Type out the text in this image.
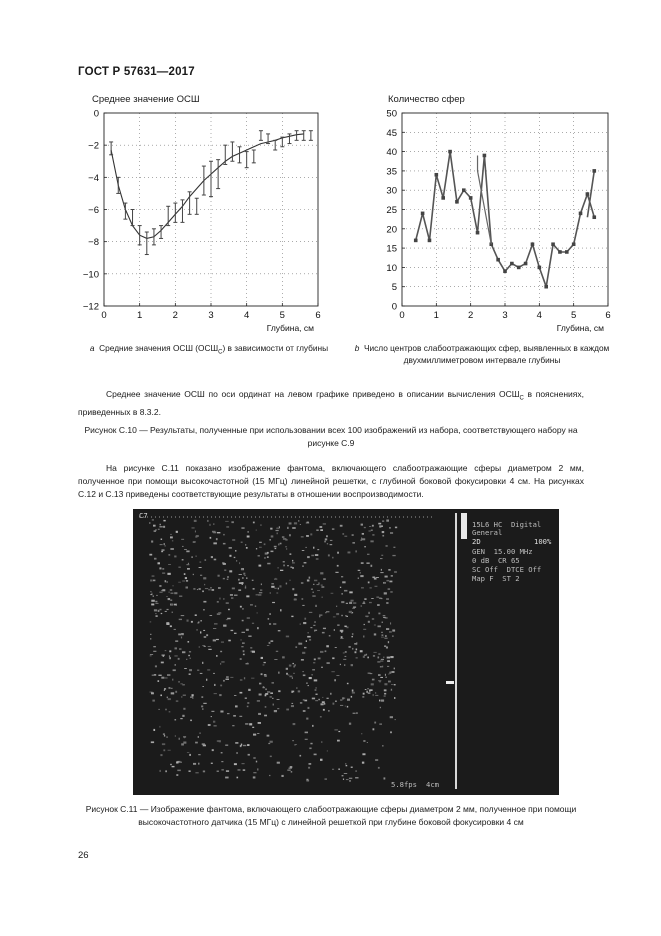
ГОСТ Р 57631—2017
Среднее значение ОСШ	Количество сфер
0	1	2	3	4	5	6
0
−2
−4
−6
−8
−10
−12
Глубина, см
0	1	2	3	4	5	6
0
5
10
15
20
25
30
35
40
45
50
Глубина, см
a Средние значения ОСШ $(ОСШ_C)$ в зависимости от глубины	b Число центров слабоотражающих сфер, выявленных в каждом двухмиллиметровом интервале глубины
Среднее значение ОСШ по оси ординат на левом графике приведено в описании вычисления $ОСШ_C$ в пояснениях, приведенных в 8.3.2.
Рисунок С.10 — Результаты, полученные при использовании всех 100 изображений из набора, соответствующего набору на рисунке С.9
На рисунке С.11 показано изображение фантома, включающего слабоотражающие сферы диаметром 2 мм, полученное при помощи высокочастотной (15 МГц) линейной решетки, с глубиной боковой фокусировки 4 см. На рисунках С.12 и С.13 приведены соответствующие результаты в отношении воспроизводимости.
C7
15L6 HC  Digital
General
2D	100%
GEN  15.00 MHz
0 dB  CR 65
SC Off  DTCE Off
Map F  ST 2
5.8fps 4cm
Рисунок С.11 — Изображение фантома, включающего слабоотражающие сферы диаметром 2 мм, полученное при помощи высокочастотного датчика (15 МГц) с линейной решеткой при глубине боковой фокусировки 4 см
26
